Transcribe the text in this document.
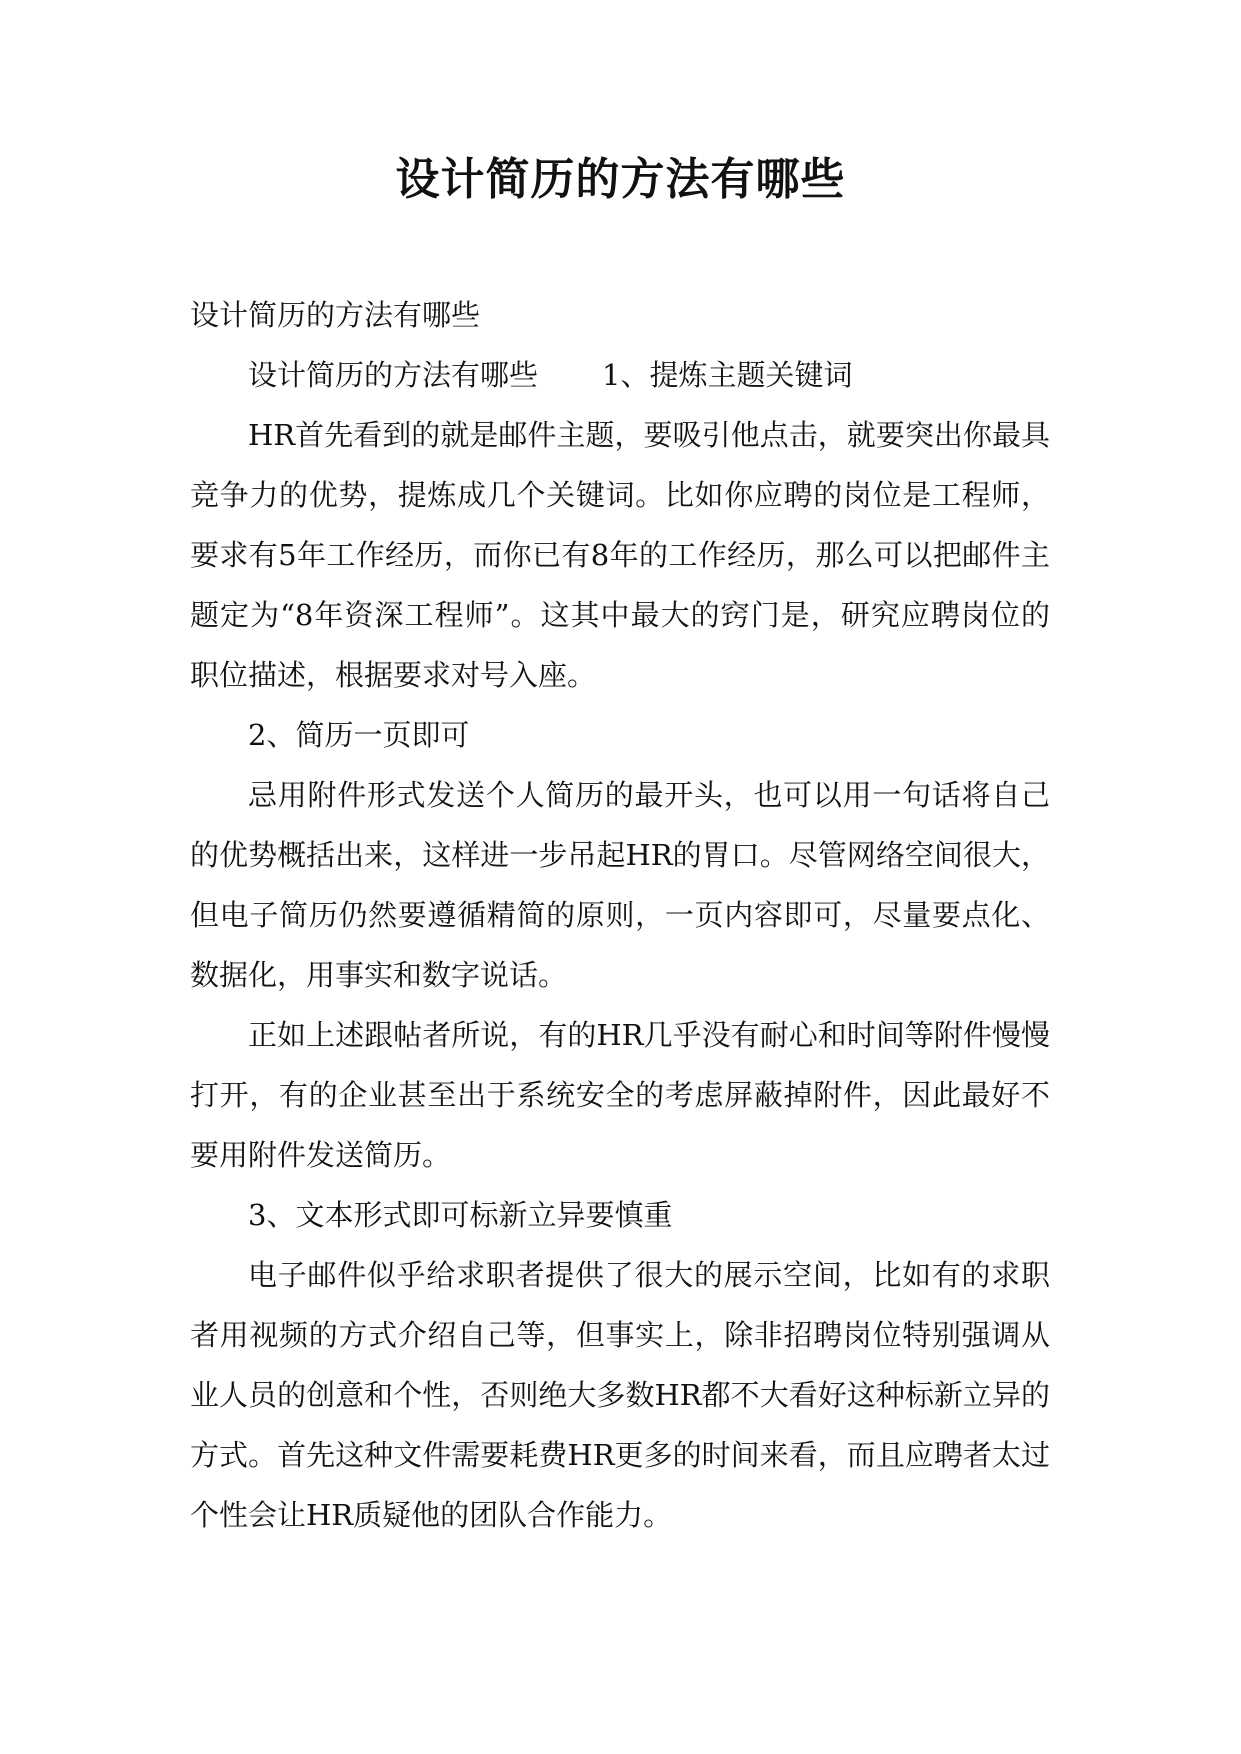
设计简历的方法有哪些

设计简历的方法有哪些

设计简历的方法有哪些 1、提炼主题关键词

HR首先看到的就是邮件主题，要吸引他点击，就要突出你最具竞争力的优势，提炼成几个关键词。比如你应聘的岗位是工程师，要求有5年工作经历，而你已有8年的工作经历，那么可以把邮件主题定为“8年资深工程师”。这其中最大的窍门是，研究应聘岗位的职位描述，根据要求对号入座。

2、简历一页即可

忌用附件形式发送个人简历的最开头，也可以用一句话将自己的优势概括出来，这样进一步吊起HR的胃口。尽管网络空间很大，但电子简历仍然要遵循精简的原则，一页内容即可，尽量要点化、数据化，用事实和数字说话。

正如上述跟帖者所说，有的HR几乎没有耐心和时间等附件慢慢打开，有的企业甚至出于系统安全的考虑屏蔽掉附件，因此最好不要用附件发送简历。

3、文本形式即可标新立异要慎重

电子邮件似乎给求职者提供了很大的展示空间，比如有的求职者用视频的方式介绍自己等，但事实上，除非招聘岗位特别强调从业人员的创意和个性，否则绝大多数HR都不大看好这种标新立异的方式。首先这种文件需要耗费HR更多的时间来看，而且应聘者太过个性会让HR质疑他的团队合作能力。
